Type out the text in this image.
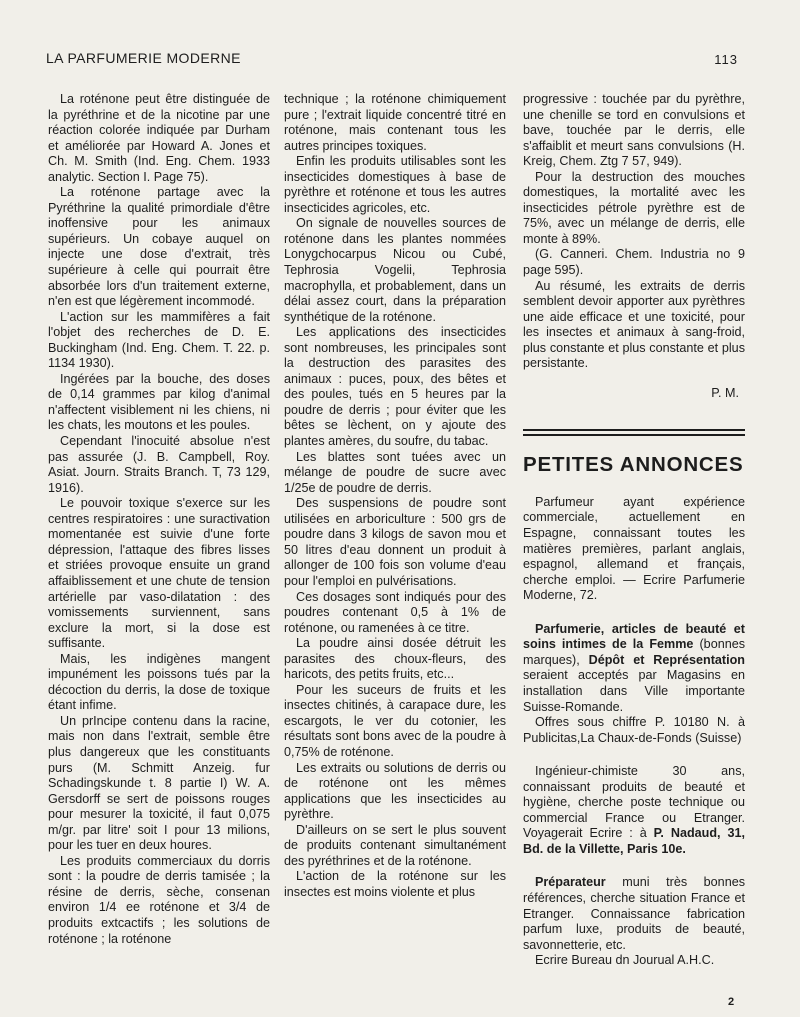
LA PARFUMERIE MODERNE	113

La roténone peut être distinguée de la pyréthrine et de la nicotine par une réaction colorée indiquée par Durham et améliorée par Howard A. Jones et Ch. M. Smith (Ind. Eng. Chem. 1933 analytic. Section I. Page 75).

La roténone partage avec la Pyréthrine la qualité primordiale d'être inoffensive pour les animaux supérieurs. Un cobaye auquel on injecte une dose d'extrait, très supérieure à celle qui pourrait être absorbée lors d'un traitement externe, n'en est que légèrement incommodé.

L'action sur les mammifères a fait l'objet des recherches de D. E. Buckingham (Ind. Eng. Chem. T. 22. p. 1134 1930).

Ingérées par la bouche, des doses de 0,14 grammes par kilog d'animal n'affectent visiblement ni les chiens, ni les chats, les moutons et les poules.

Cependant l'inocuité absolue n'est pas assurée (J. B. Campbell, Roy. Asiat. Journ. Straits Branch. T, 73 129, 1916).

Le pouvoir toxique s'exerce sur les centres respiratoires : une suractivation momentanée est suivie d'une forte dépression, l'attaque des fibres lisses et striées provoque ensuite un grand affaiblissement et une chute de tension artérielle par vaso-dilatation : des vomissements surviennent, sans exclure la mort, si la dose est suffisante.

Mais, les indigènes mangent impunément les poissons tués par la décoction du derris, la dose de toxique étant infime.

Un prIncipe contenu dans la racine, mais non dans l'extrait, semble être plus dangereux que les constituants purs (M. Schmitt Anzeig. fur Schadingskunde t. 8 partie I) W. A. Gersdorff se sert de poissons rouges pour mesurer la toxicité, il faut 0,075 m/gr. par litre' soit I pour 13 milions, pour les tuer en deux houres.

Les produits commerciaux du dorris sont : la poudre de derris tamisée ; la résine de derris, sèche, consenan environ 1/4 ee roténone et 3/4 de produits extcactifs ; les solutions de roténone ; la roténone

technique ; la roténone chimiquement pure ; l'extrait liquide concentré titré en roténone, mais contenant tous les autres principes toxiques.

Enfin les produits utilisables sont les insecticides domestiques à base de pyrèthre et roténone et tous les autres insecticides agricoles, etc.

On signale de nouvelles sources de roténone dans les plantes nommées Lonygchocarpus Nicou ou Cubé, Tephrosia Vogelii, Tephrosia macrophylla, et probablement, dans un délai assez court, dans la préparation synthétique de la roténone.

Les applications des insecticides sont nombreuses, les principales sont la destruction des parasites des animaux : puces, poux, des bêtes et des poules, tués en 5 heures par la poudre de derris ; pour éviter que les bêtes se lèchent, on y ajoute des plantes amères, du soufre, du tabac.

Les blattes sont tuées avec un mélange de poudre de sucre avec 1/25e de poudre de derris.

Des suspensions de poudre sont utilisées en arboriculture : 500 grs de poudre dans 3 kilogs de savon mou et 50 litres d'eau donnent un produit à allonger de 100 fois son volume d'eau pour l'emploi en pulvérisations.

Ces dosages sont indiqués pour des poudres contenant 0,5 à 1% de roténone, ou ramenées à ce titre.

La poudre ainsi dosée détruit les parasites des choux-fleurs, des haricots, des petits fruits, etc...

Pour les suceurs de fruits et les insectes chitinés, à carapace dure, les escargots, le ver du cotonier, les résultats sont bons avec de la poudre à 0,75% de roténone.

Les extraits ou solutions de derris ou de roténone ont les mêmes applications que les insecticides au pyrèthre.

D'ailleurs on se sert le plus souvent de produits contenant simultanément des pyréthrines et de la roténone.

L'action de la roténone sur les insectes est moins violente et plus

progressive : touchée par du pyrèthre, une chenille se tord en convulsions et bave, touchée par le derris, elle s'affaiblit et meurt sans convulsions (H. Kreig, Chem. Ztg 7 57, 949).

Pour la destruction des mouches domestiques, la mortalité avec les insecticides pétrole pyrèthre est de 75%, avec un mélange de derris, elle monte à 89%.

(G. Canneri. Chem. Industria no 9 page 595).

Au résumé, les extraits de derris semblent devoir apporter aux pyrèthres une aide efficace et une toxicité, pour les insectes et animaux à sang-froid, plus constante et plus constante et plus persistante.

P. M.
PETITES ANNONCES

Parfumeur ayant expérience commerciale, actuellement en Espagne, connaissant toutes les matières premières, parlant anglais, espagnol, allemand et français, cherche emploi. — Ecrire Parfumerie Moderne, 72.

Parfumerie, articles de beauté et soins intimes de la Femme (bonnes marques), Dépôt et Représentation seraient acceptés par Magasins en installation dans Ville importante Suisse-Romande.

Offres sous chiffre P. 10180 N. à Publicitas,La Chaux-de-Fonds (Suisse)

Ingénieur-chimiste 30 ans, connaissant produits de beauté et hygiène, cherche poste technique ou commercial France ou Etranger. Voyagerait Ecrire : à P. Nadaud, 31, Bd. de la Villette, Paris 10e.

Préparateur muni très bonnes références, cherche situation France et Etranger. Connaissance fabrication parfum luxe, produits de beauté, savonnetterie, etc.

Ecrire Bureau dn Jourual A.H.C.

2
